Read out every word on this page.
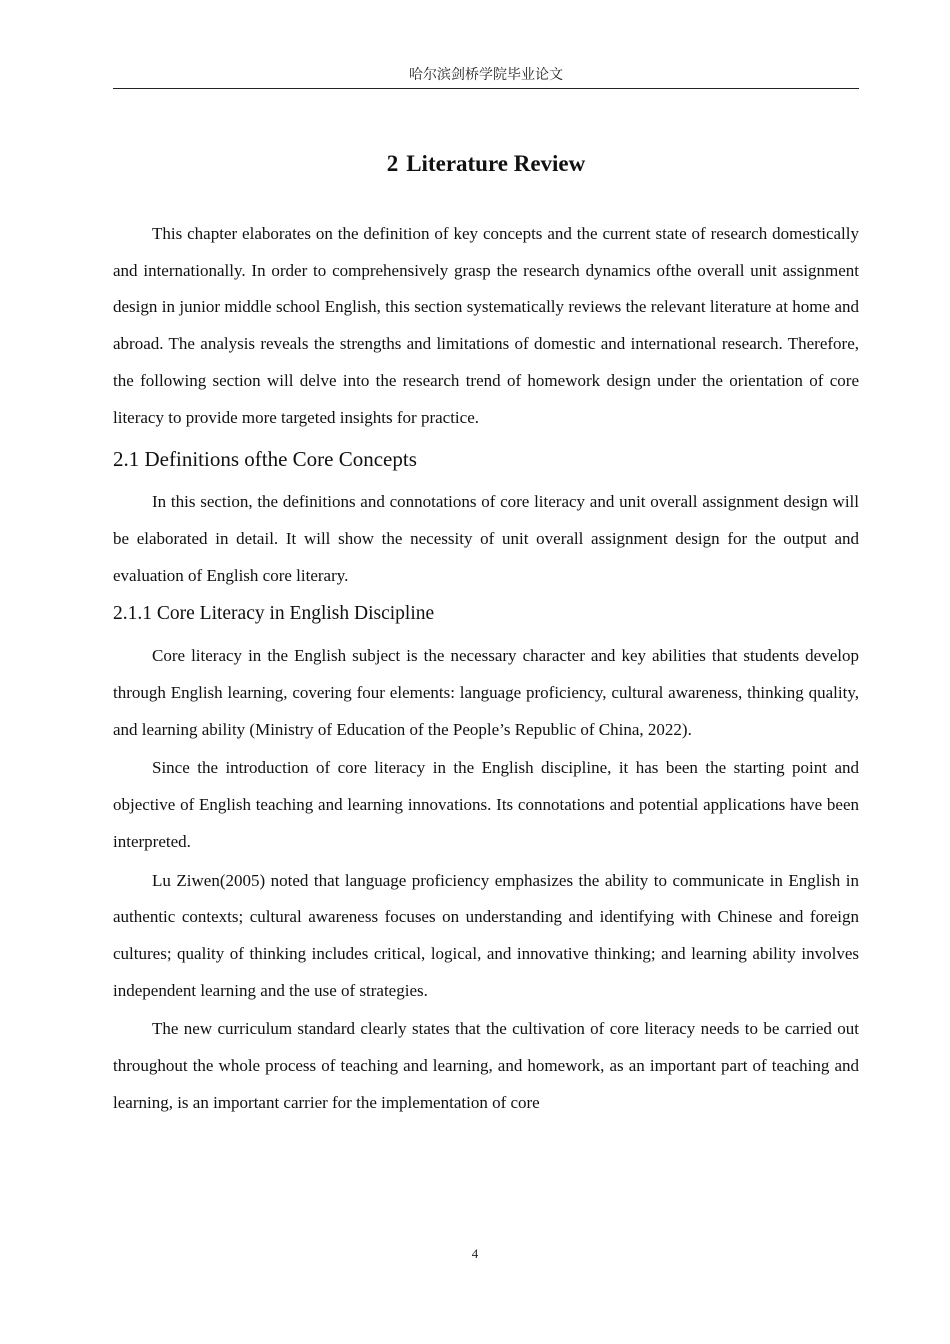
哈尔滨剑桥学院毕业论文
2 Literature Review

This chapter elaborates on the definition of key concepts and the current state of research domestically and internationally. In order to comprehensively grasp the research dynamics ofthe overall unit assignment design in junior middle school English, this section systematically reviews the relevant literature at home and abroad. The analysis reveals the strengths and limitations of domestic and international research. Therefore, the following section will delve into the research trend of homework design under the orientation of core literacy to provide more targeted insights for practice.

2.1 Definitions ofthe Core Concepts

In this section, the definitions and connotations of core literacy and unit overall assignment design will be elaborated in detail. It will show the necessity of unit overall assignment design for the output and evaluation of English core literary.

2.1.1 Core Literacy in English Discipline

Core literacy in the English subject is the necessary character and key abilities that students develop through English learning, covering four elements: language proficiency, cultural awareness, thinking quality, and learning ability (Ministry of Education of the People’s Republic of China, 2022).

Since the introduction of core literacy in the English discipline, it has been the starting point and objective of English teaching and learning innovations. Its connotations and potential applications have been interpreted.

Lu Ziwen(2005) noted that language proficiency emphasizes the ability to communicate in English in authentic contexts; cultural awareness focuses on understanding and identifying with Chinese and foreign cultures; quality of thinking includes critical, logical, and innovative thinking; and learning ability involves independent learning and the use of strategies.

The new curriculum standard clearly states that the cultivation of core literacy needs to be carried out throughout the whole process of teaching and learning, and homework, as an important part of teaching and learning, is an important carrier for the implementation of core

4
